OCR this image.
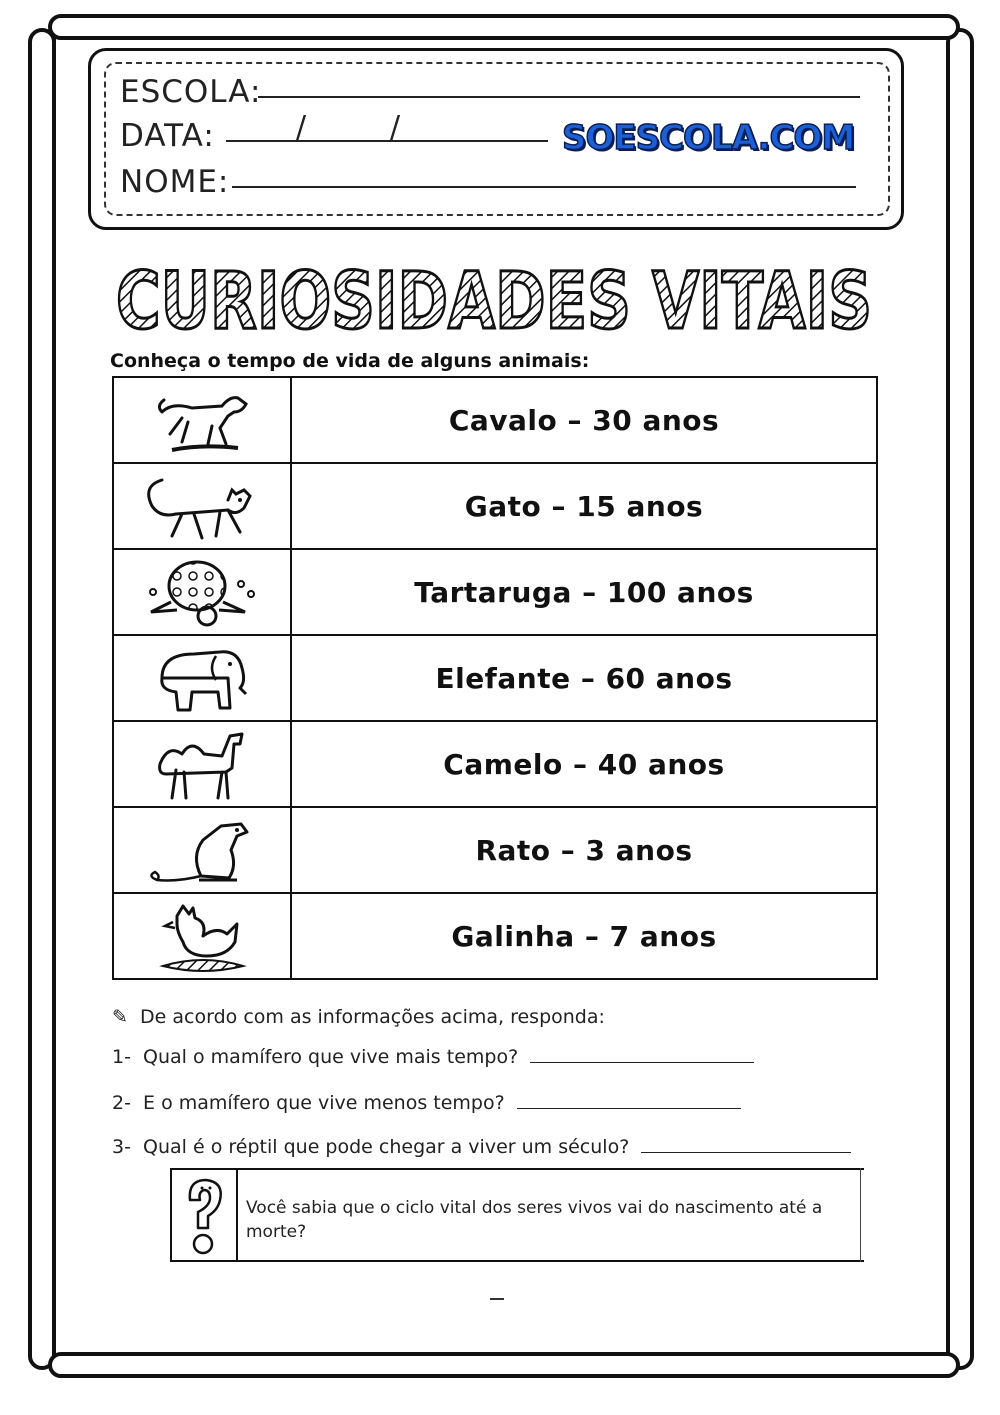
ESCOLA:
DATA:	/	/
NOME:
SOESCOLA.COM
CURIOSIDADES VITAIS
Conheça o tempo de vida de alguns animais:
	Cavalo – 30 anos

	Gato – 15 anos

	Tartaruga – 100 anos

	Elefante – 60 anos

	Camelo – 40 anos

	Rato – 3 anos

	Galinha – 7 anos
✎ De acordo com as informações acima, responda:
1- Qual o mamífero que vive mais tempo?
2- E o mamífero que vive menos tempo?
3- Qual é o réptil que pode chegar a viver um século?
Você sabia que o ciclo vital dos seres vivos vai do nascimento até a morte?
